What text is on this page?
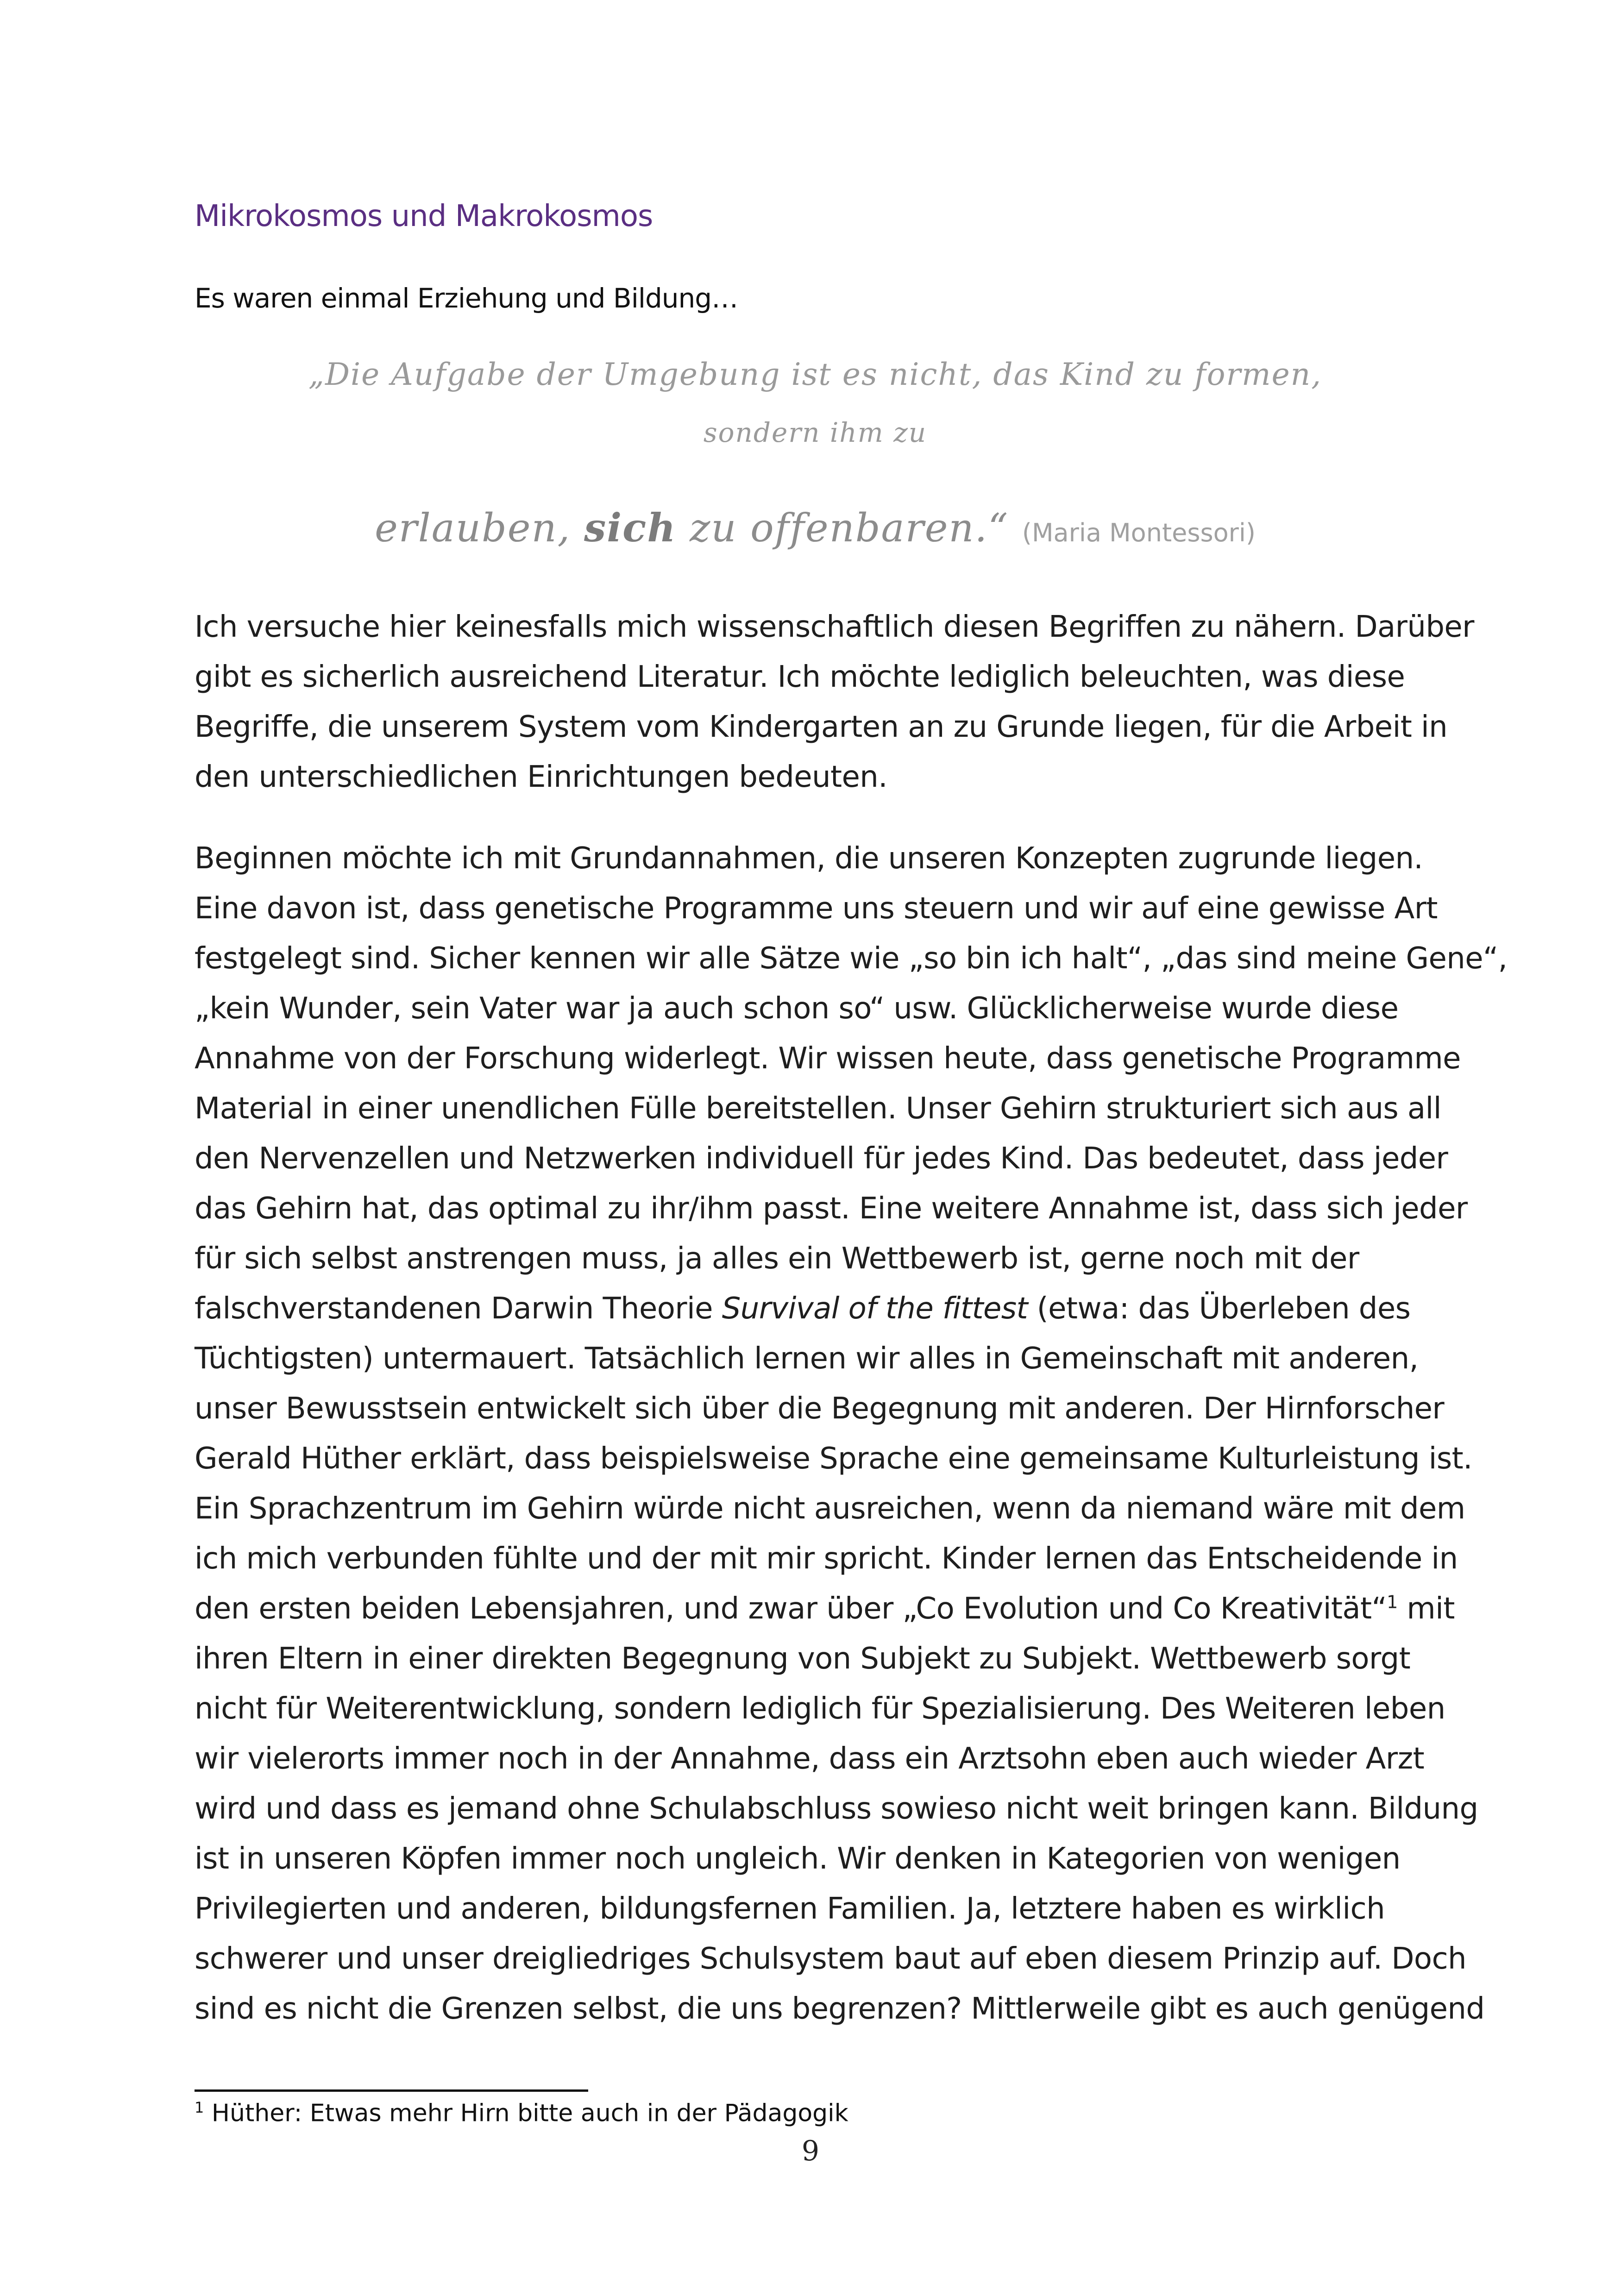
Mikrokosmos und Makrokosmos
Es waren einmal Erziehung und Bildung…
„Die Aufgabe der Umgebung ist es nicht, das Kind zu formen,
sondern ihm zu
erlauben, sich zu offenbaren.“ (Maria Montessori)
Ich versuche hier keinesfalls mich wissenschaftlich diesen Begriffen zu nähern. Darüber
gibt es sicherlich ausreichend Literatur. Ich möchte lediglich beleuchten, was diese
Begriffe, die unserem System vom Kindergarten an zu Grunde liegen, für die Arbeit in
den unterschiedlichen Einrichtungen bedeuten.
Beginnen möchte ich mit Grundannahmen, die unseren Konzepten zugrunde liegen.
Eine davon ist, dass genetische Programme uns steuern und wir auf eine gewisse Art
festgelegt sind. Sicher kennen wir alle Sätze wie „so bin ich halt“, „das sind meine Gene“,
„kein Wunder, sein Vater war ja auch schon so“ usw. Glücklicherweise wurde diese
Annahme von der Forschung widerlegt. Wir wissen heute, dass genetische Programme
Material in einer unendlichen Fülle bereitstellen. Unser Gehirn strukturiert sich aus all
den Nervenzellen und Netzwerken individuell für jedes Kind. Das bedeutet, dass jeder
das Gehirn hat, das optimal zu ihr/ihm passt. Eine weitere Annahme ist, dass sich jeder
für sich selbst anstrengen muss, ja alles ein Wettbewerb ist, gerne noch mit der
falschverstandenen Darwin Theorie Survival of the fittest (etwa: das Überleben des
Tüchtigsten) untermauert. Tatsächlich lernen wir alles in Gemeinschaft mit anderen,
unser Bewusstsein entwickelt sich über die Begegnung mit anderen. Der Hirnforscher
Gerald Hüther erklärt, dass beispielsweise Sprache eine gemeinsame Kulturleistung ist.
Ein Sprachzentrum im Gehirn würde nicht ausreichen, wenn da niemand wäre mit dem
ich mich verbunden fühlte und der mit mir spricht. Kinder lernen das Entscheidende in
den ersten beiden Lebensjahren, und zwar über „Co Evolution und Co Kreativität“$^1$ mit
ihren Eltern in einer direkten Begegnung von Subjekt zu Subjekt. Wettbewerb sorgt
nicht für Weiterentwicklung, sondern lediglich für Spezialisierung. Des Weiteren leben
wir vielerorts immer noch in der Annahme, dass ein Arztsohn eben auch wieder Arzt
wird und dass es jemand ohne Schulabschluss sowieso nicht weit bringen kann. Bildung
ist in unseren Köpfen immer noch ungleich. Wir denken in Kategorien von wenigen
Privilegierten und anderen, bildungsfernen Familien. Ja, letztere haben es wirklich
schwerer und unser dreigliedriges Schulsystem baut auf eben diesem Prinzip auf. Doch
sind es nicht die Grenzen selbst, die uns begrenzen? Mittlerweile gibt es auch genügend
$^1$ Hüther: Etwas mehr Hirn bitte auch in der Pädagogik
9
